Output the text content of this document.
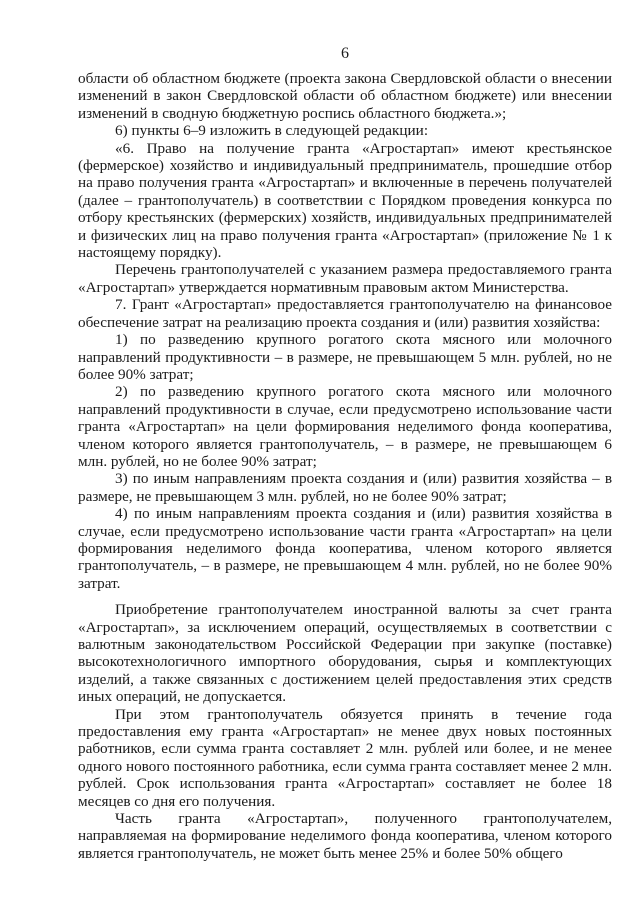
6

области об областном бюджете (проекта закона Свердловской области о внесении изменений в закон Свердловской области об областном бюджете) или внесении изменений в сводную бюджетную роспись областного бюджета.»;

6) пункты 6–9 изложить в следующей редакции:

«6. Право на получение гранта «Агростартап» имеют крестьянское (фермерское) хозяйство и индивидуальный предприниматель, прошедшие отбор на право получения гранта «Агростартап» и включенные в перечень получателей (далее – грантополучатель) в соответствии с Порядком проведения конкурса по отбору крестьянских (фермерских) хозяйств, индивидуальных предпринимателей и физических лиц на право получения гранта «Агростартап» (приложение № 1 к настоящему порядку).

Перечень грантополучателей с указанием размера предоставляемого гранта «Агростартап» утверждается нормативным правовым актом Министерства.

7. Грант «Агростартап» предоставляется грантополучателю на финансовое обеспечение затрат на реализацию проекта создания и (или) развития хозяйства:

1) по разведению крупного рогатого скота мясного или молочного направлений продуктивности – в размере, не превышающем 5 млн. рублей, но не более 90% затрат;

2) по разведению крупного рогатого скота мясного или молочного направлений продуктивности в случае, если предусмотрено использование части гранта «Агростартап» на цели формирования неделимого фонда кооператива, членом которого является грантополучатель, – в размере, не превышающем 6 млн. рублей, но не более 90% затрат;

3) по иным направлениям проекта создания и (или) развития хозяйства – в размере, не превышающем 3 млн. рублей, но не более 90% затрат;

4) по иным направлениям проекта создания и (или) развития хозяйства в случае, если предусмотрено использование части гранта «Агростартап» на цели формирования неделимого фонда кооператива, членом которого является грантополучатель, – в размере, не превышающем 4 млн. рублей, но не более 90% затрат.

Приобретение грантополучателем иностранной валюты за счет гранта «Агростартап», за исключением операций, осуществляемых в соответствии с валютным законодательством Российской Федерации при закупке (поставке) высокотехнологичного импортного оборудования, сырья и комплектующих изделий, а также связанных с достижением целей предоставления этих средств иных операций, не допускается.

При этом грантополучатель обязуется принять в течение года предоставления ему гранта «Агростартап» не менее двух новых постоянных работников, если сумма гранта составляет 2 млн. рублей или более, и не менее одного нового постоянного работника, если сумма гранта составляет менее 2 млн. рублей. Срок использования гранта «Агростартап» составляет не более 18 месяцев со дня его получения.

Часть гранта «Агростартап», полученного грантополучателем, направляемая на формирование неделимого фонда кооператива, членом которого является грантополучатель, не может быть менее 25% и более 50% общего
